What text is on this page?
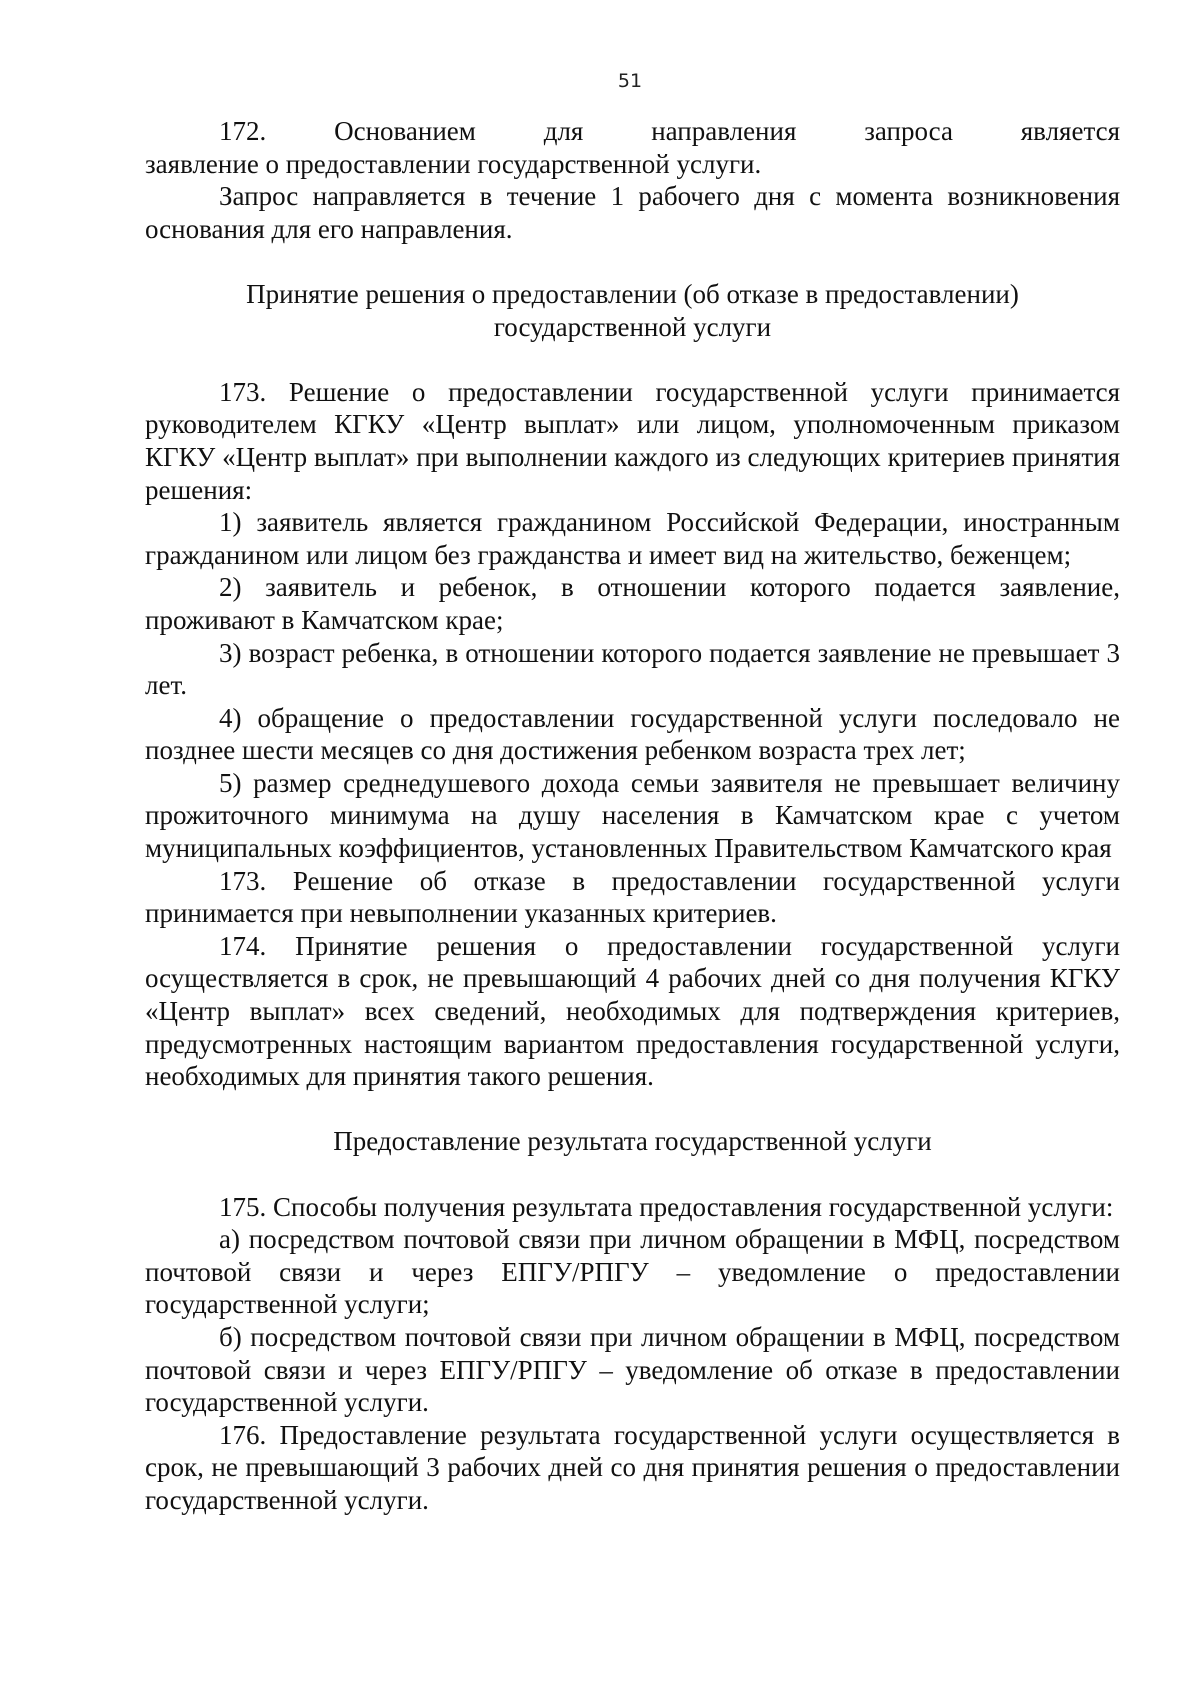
51

172. Основанием для направления запроса является

заявление о предоставлении государственной услуги.

Запрос направляется в течение 1 рабочего дня с момента возникновения основания для его направления.

Принятие решения о предоставлении (об отказе в предоставлении) государственной услуги

173. Решение о предоставлении государственной услуги принимается руководителем КГКУ «Центр выплат» или лицом, уполномоченным приказом КГКУ «Центр выплат» при выполнении каждого из следующих критериев принятия решения:

1) заявитель является гражданином Российской Федерации, иностранным гражданином или лицом без гражданства и имеет вид на жительство, беженцем;

2) заявитель и ребенок, в отношении которого подается заявление, проживают в Камчатском крае;

3) возраст ребенка, в отношении которого подается заявление не превышает 3 лет.

4) обращение о предоставлении государственной услуги последовало не позднее шести месяцев со дня достижения ребенком возраста трех лет;

5) размер среднедушевого дохода семьи заявителя не превышает величину прожиточного минимума на душу населения в Камчатском крае с учетом муниципальных коэффициентов, установленных Правительством Камчатского края

173. Решение об отказе в предоставлении государственной услуги принимается при невыполнении указанных критериев.

174. Принятие решения о предоставлении государственной услуги осуществляется в срок, не превышающий 4 рабочих дней со дня получения КГКУ «Центр выплат» всех сведений, необходимых для подтверждения критериев, предусмотренных настоящим вариантом предоставления государственной услуги, необходимых для принятия такого решения.

Предоставление результата государственной услуги

175. Способы получения результата предоставления государственной услуги:

а) посредством почтовой связи при личном обращении в МФЦ, посредством почтовой связи и через ЕПГУ/РПГУ – уведомление о предоставлении государственной услуги;

б) посредством почтовой связи при личном обращении в МФЦ, посредством почтовой связи и через ЕПГУ/РПГУ – уведомление об отказе в предоставлении государственной услуги.

176. Предоставление результата государственной услуги осуществляется в срок, не превышающий 3 рабочих дней со дня принятия решения о предоставлении государственной услуги.
